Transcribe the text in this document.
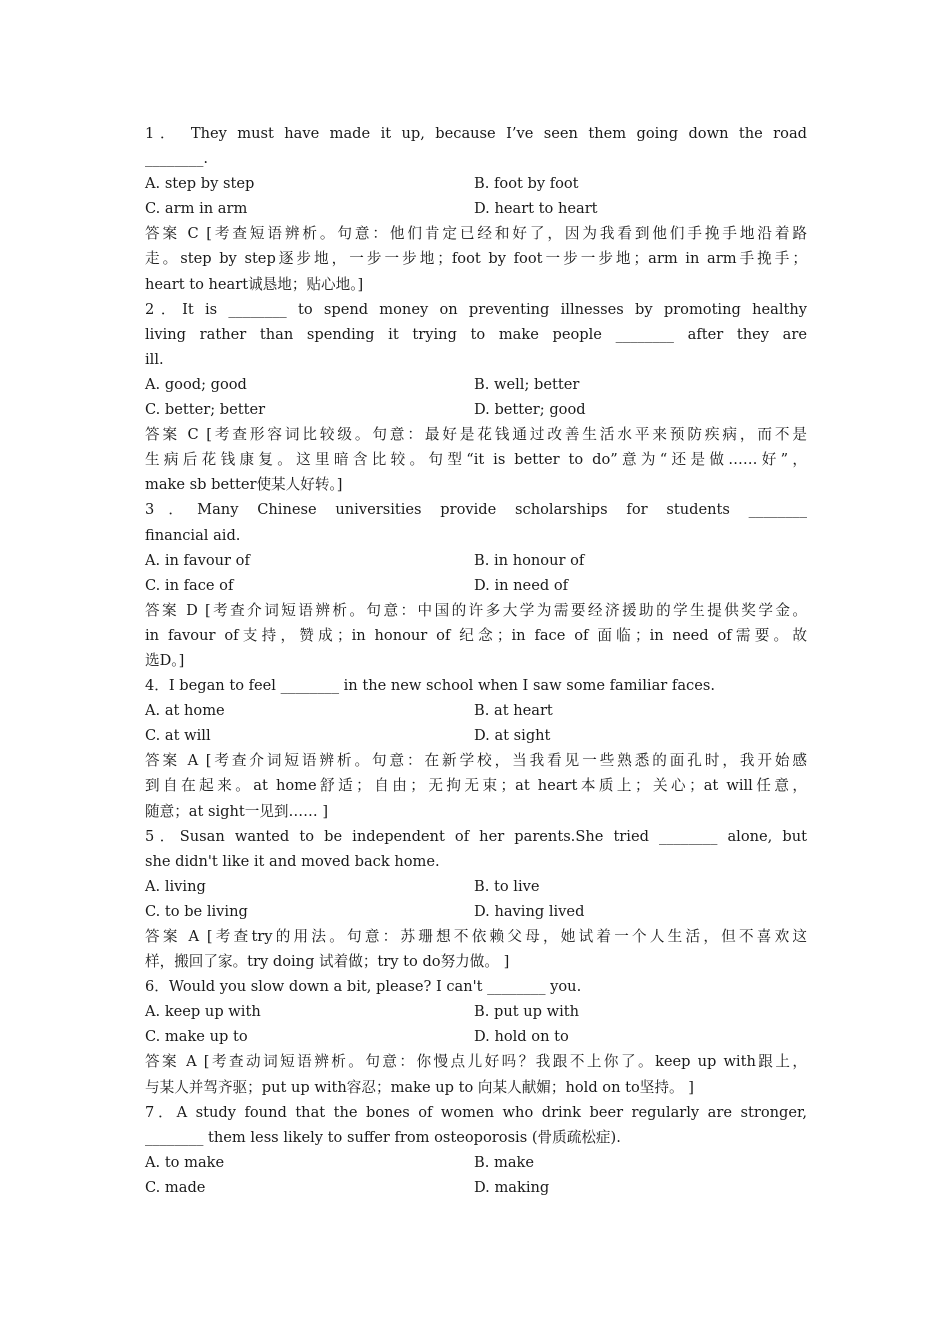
1． They must have made it up, because I’ve seen them going down the road
________.
A. step by step	B. foot by foot
C. arm in arm	D. heart to heart
答案 C [考查短语辨析。句意：他们肯定已经和好了，因为我看到他们手挽手地沿着路
走。step by step逐步地，一步一步地；foot by foot一步一步地；arm in arm手挽手；
heart to heart诚恳地；贴心地。]
2．It is ________ to spend money on preventing illnesses by promoting healthy
living rather than spending it trying to make people ________ after they are
ill.
A. good; good	B. well; better
C. better; better	D. better; good
答案 C [考查形容词比较级。句意：最好是花钱通过改善生活水平来预防疾病，而不是
生病后花钱康复。这里暗含比较。句型“it is better to do”意为“还是做……好”，
make sb better使某人好转。]
3．Many Chinese universities provide scholarships for students ________
financial aid.
A. in favour of	B. in honour of
C. in face of	D. in need of
答案 D [考查介词短语辨析。句意：中国的许多大学为需要经济援助的学生提供奖学金。
in favour of支持，赞成；in honour of 纪念；in face of 面临；in need of需要。故
选D。]
4．I began to feel ________ in the new school when I saw some familiar faces.
A. at home	B. at heart
C. at will	D. at sight
答案 A [考查介词短语辨析。句意：在新学校，当我看见一些熟悉的面孔时，我开始感
到自在起来。at home舒适；自由；无拘无束；at heart本质上；关心；at will任意，
随意；at sight一见到…… ]
5．Susan wanted to be independent of her parents.She tried ________ alone, but
she didn't like it and moved back home.
A. living	B. to live
C. to be living	D. having lived
答案 A [考查try的用法。句意：苏珊想不依赖父母，她试着一个人生活，但不喜欢这
样，搬回了家。try doing 试着做；try to do努力做。 ]
6．Would you slow down a bit, please? I can't ________ you.
A. keep up with	B. put up with
C. make up to	D. hold on to
答案 A [考查动词短语辨析。句意：你慢点儿好吗？我跟不上你了。keep up with跟上，
与某人并驾齐驱；put up with容忍；make up to 向某人献媚；hold on to坚持。 ]
7．A study found that the bones of women who drink beer regularly are stronger,
________ them less likely to suffer from osteoporosis (骨质疏松症).
A. to make	B. make
C. made	D. making
